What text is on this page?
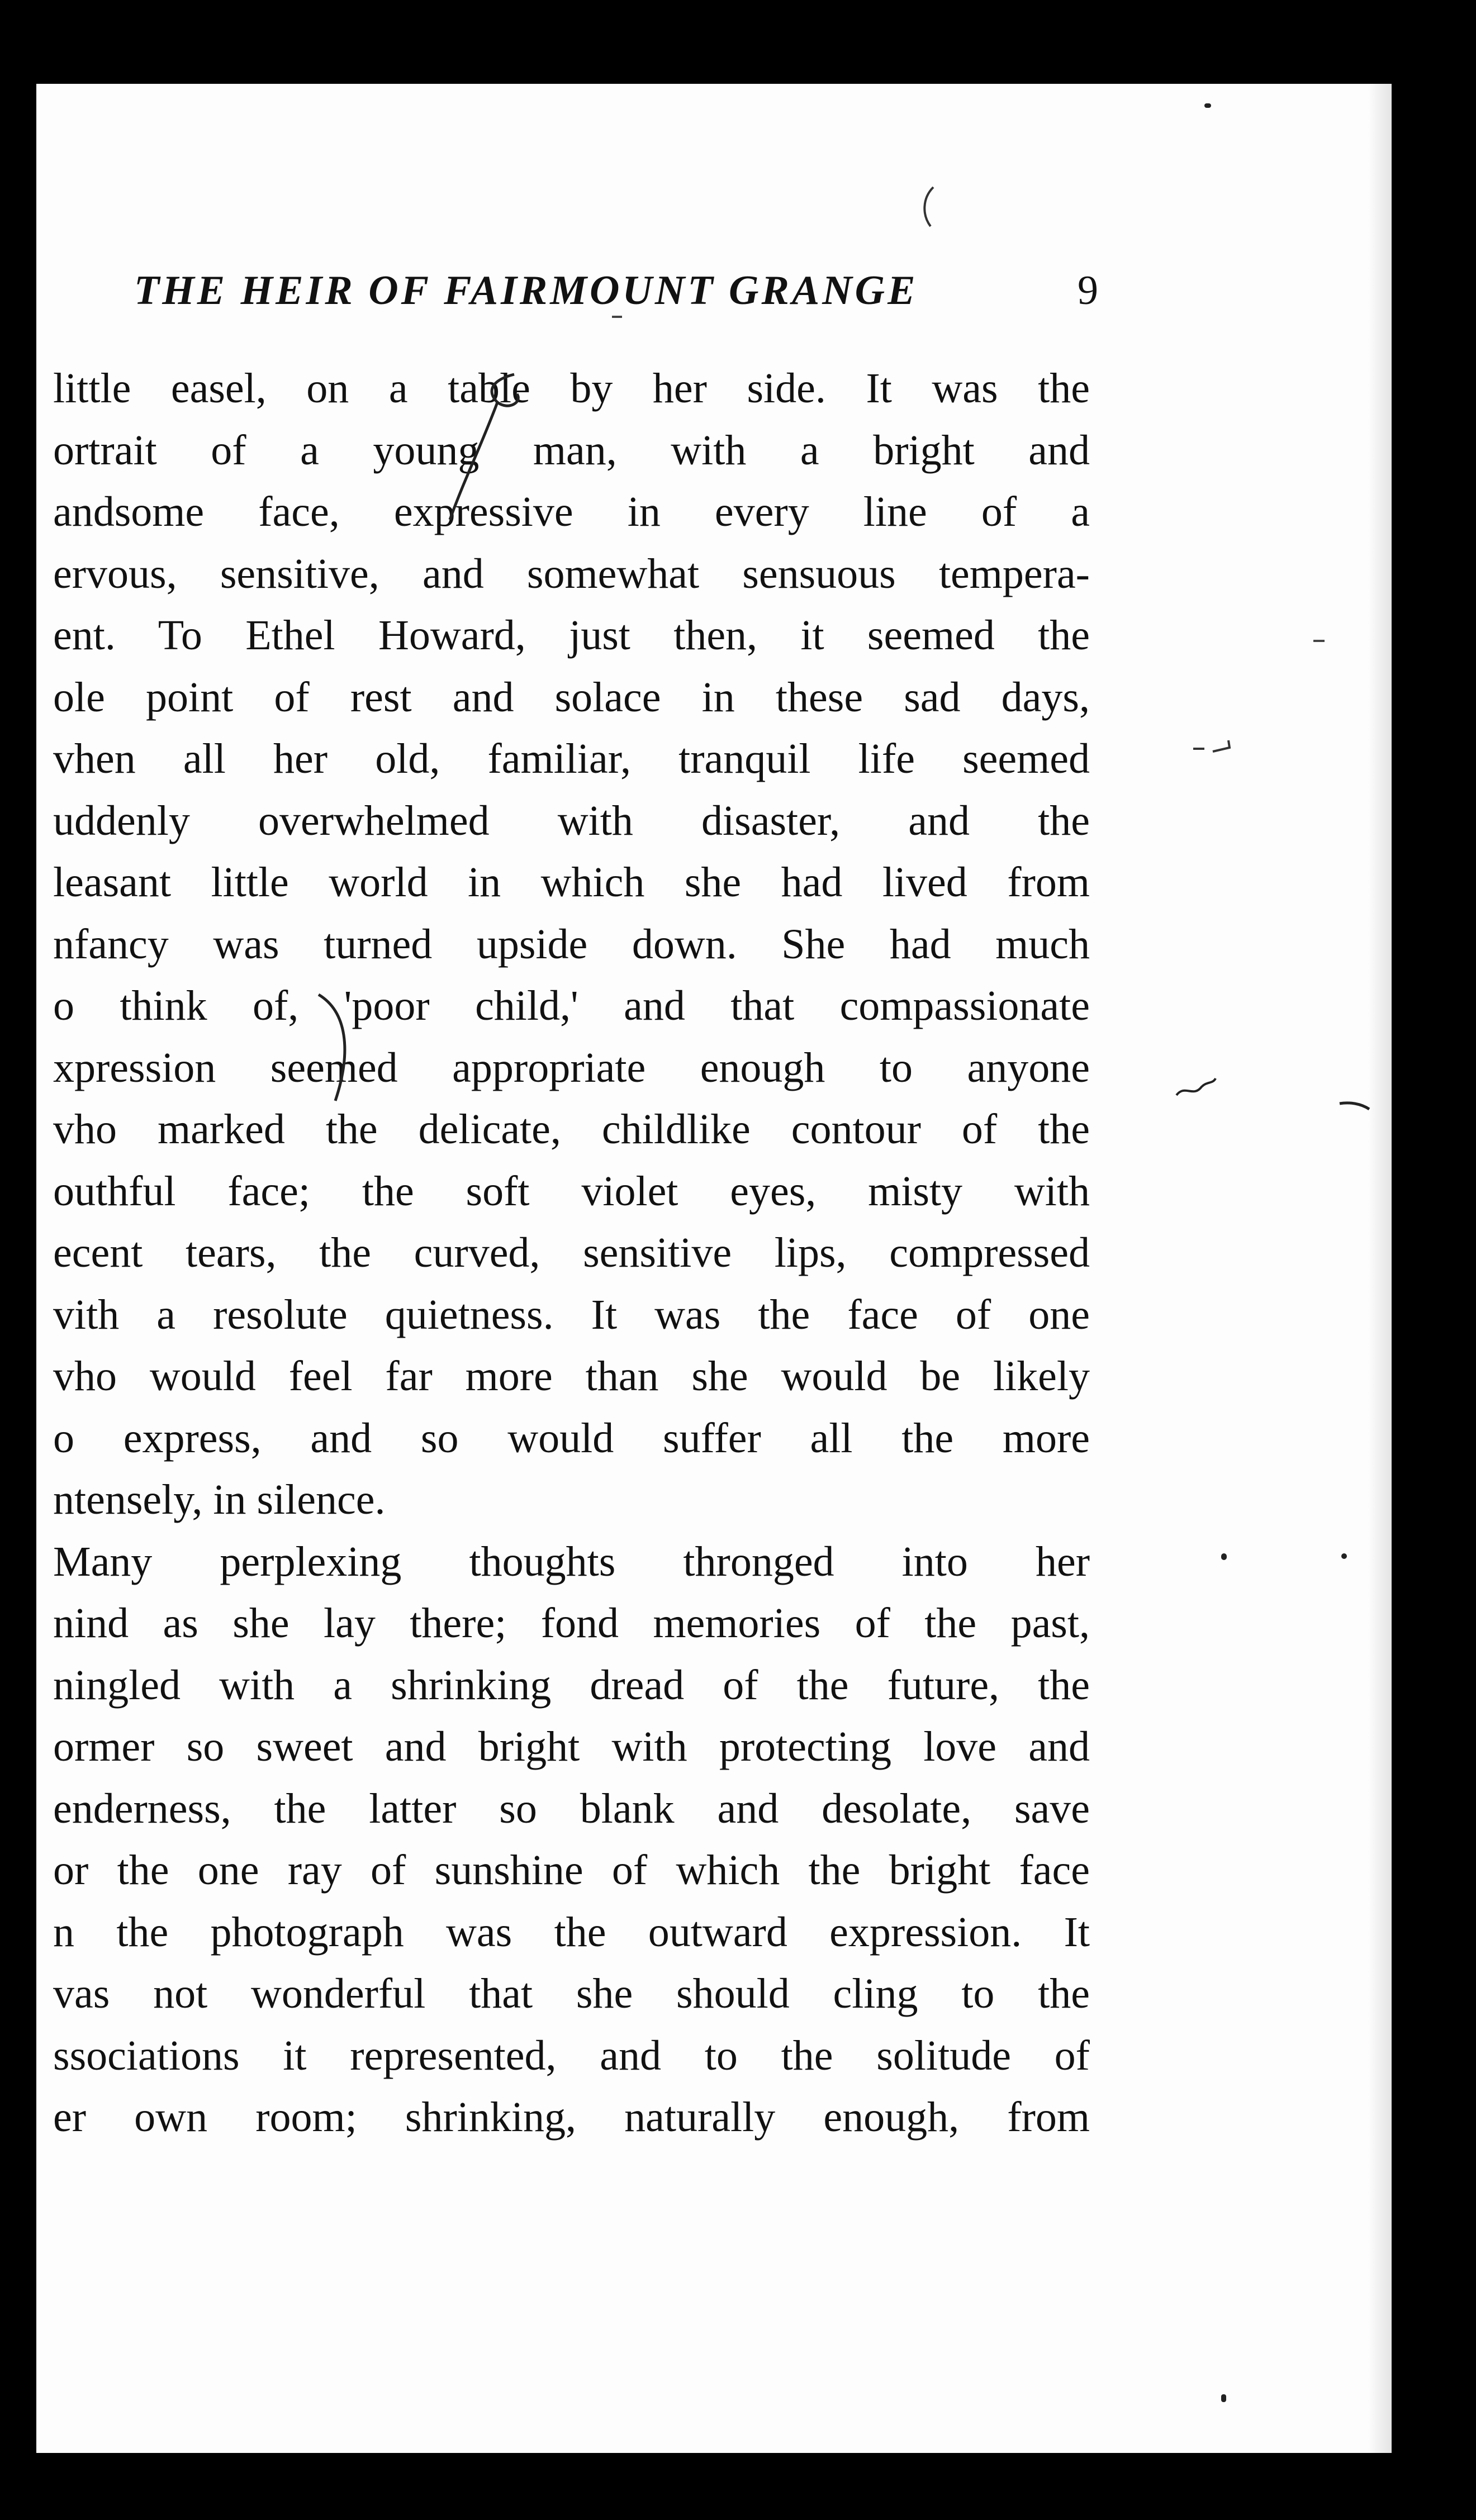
THE HEIR OF FAIRMOUNT GRANGE	9
little easel, on a table by her side. It was the
ortrait of a young man, with a bright and
andsome face, expressive in every line of a
ervous, sensitive, and somewhat sensuous tempera-
ent. To Ethel Howard, just then, it seemed the
ole point of rest and solace in these sad days,
vhen all her old, familiar, tranquil life seemed
uddenly overwhelmed with disaster, and the
leasant little world in which she had lived from
nfancy was turned upside down. She had much
o think of, 'poor child,' and that compassionate
xpression seemed appropriate enough to anyone
vho marked the delicate, childlike contour of the
outhful face; the soft violet eyes, misty with
ecent tears, the curved, sensitive lips, compressed
vith a resolute quietness. It was the face of one
vho would feel far more than she would be likely
o express, and so would suffer all the more
ntensely, in silence.
Many perplexing thoughts thronged into her
nind as she lay there; fond memories of the past,
ningled with a shrinking dread of the future, the
ormer so sweet and bright with protecting love and
enderness, the latter so blank and desolate, save
or the one ray of sunshine of which the bright face
n the photograph was the outward expression. It
vas not wonderful that she should cling to the
ssociations it represented, and to the solitude of
er own room; shrinking, naturally enough, from
